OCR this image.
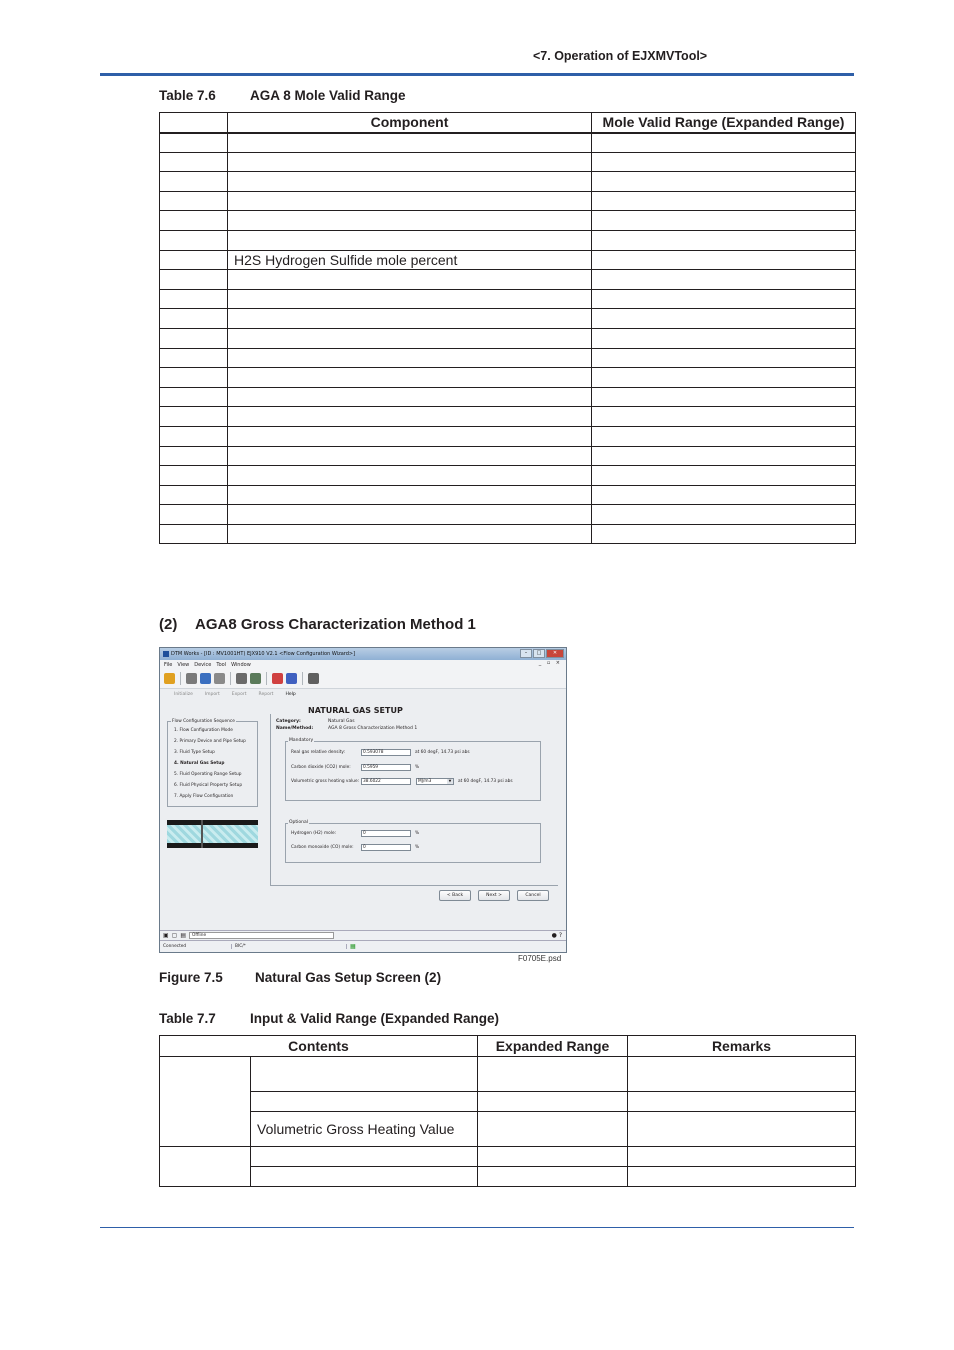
<7. Operation of EJXMVTool>
Table 7.6	AGA 8 Mole Valid Range
	Component	Mole Valid Range (Expanded Range)

	H2S Hydrogen Sulfide mole percent	

(2) AGA8 Gross Characterization Method 1
DTM Works - [ID : MV1001HT) EJX910 V2.1 <Flow Configuration Wizard>]	–	□	✕
File View Device Tool Window	_ ▫ ×
Initialize	Import	Export	Report	Help
NATURAL GAS SETUP
Flow Configuration Sequence
1. Flow Configuration Mode
2. Primary Device and Pipe Setup
3. Fluid Type Setup
4. Natural Gas Setup
5. Fluid Operating Range Setup
6. Fluid Physical Property Setup
7. Apply Flow Configuration
Category:	Natural Gas
Name/Method:	AGA 8 Gross Characterization Method 1
Mandatory
Real gas relative density:	0.593078	at 60 degF, 14.73 psi abs
Carbon dioxide (CO2) mole:	0.5959	%
Volumetric gross heating value: 38.6022	MJ/m3	▼	at 60 degF, 14.73 psi abs
Optional
Hydrogen (H2) mole:	0	%
Carbon monoxide (CO) mole:	0	%
< Back	Next >	Cancel
▣ ▢ ▤	Offline	● ?
Connected	BIC/*	▦
F0705E.psd
Figure 7.5 Natural Gas Setup Screen (2)
Table 7.7	Input & Valid Range (Expanded Range)
Contents		Expanded Range	Remarks

	Volumetric Gross Heating Value		
